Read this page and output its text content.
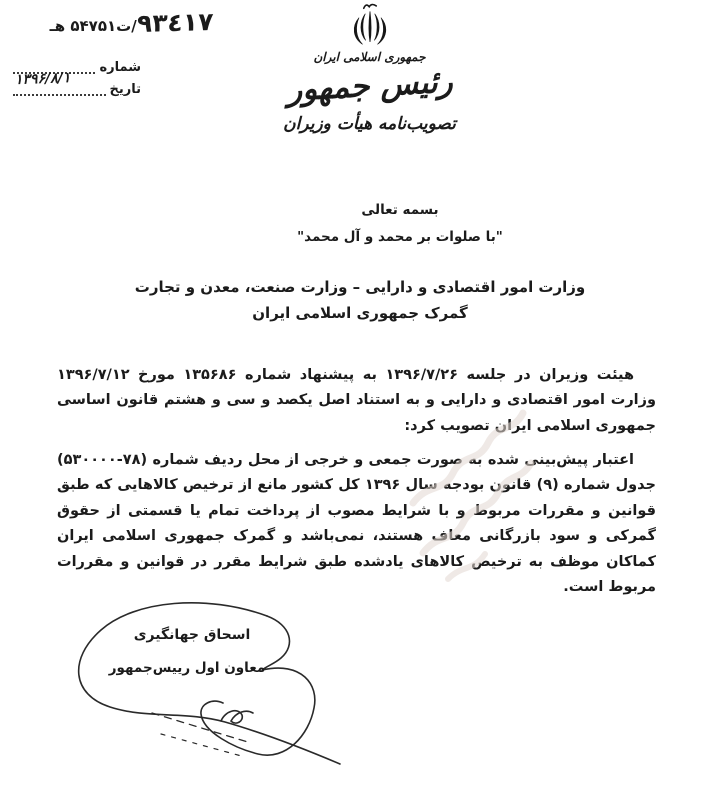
۹۳٤۱۷/ت۵۴۷۵۱ هـ
شماره
تاریخ
۱۳۹۶/۸/۱
جمهوری اسلامی ایران
رئیس جمهور
تصویب‌نامه هیأت وزیران
بسمه تعالی
"با صلوات بر محمد و آل محمد"
وزارت امور اقتصادی و دارایی – وزارت صنعت، معدن و تجارت
گمرک جمهوری اسلامی ایران

هیئت وزیران در جلسه ۱۳۹۶/۷/۲۶ به پیشنهاد شماره ۱۳۵۶۸۶ مورخ ۱۳۹۶/۷/۱۲ وزارت امور اقتصادی و دارایی و به استناد اصل یکصد و سی و هشتم قانون اساسی جمهوری اسلامی ایران تصویب کرد:

اعتبار پیش‌بینی شده به صورت جمعی و خرجی از محل ردیف شماره (۷۸-۵۳۰۰۰۰) جدول شماره (۹) قانون بودجه سال ۱۳۹۶ کل کشور مانع از ترخیص کالاهایی که طبق قوانین و مقررات مربوط و با شرایط مصوب از پرداخت تمام یا قسمتی از حقوق گمرکی و سود بازرگانی معاف هستند، نمی‌باشد و گمرک جمهوری اسلامی ایران کماکان موظف به ترخیص کالاهای یادشده طبق شرایط مقرر در قوانین و مقررات مربوط است.

اسحاق جهانگیری
معاون اول رییس‌جمهور
